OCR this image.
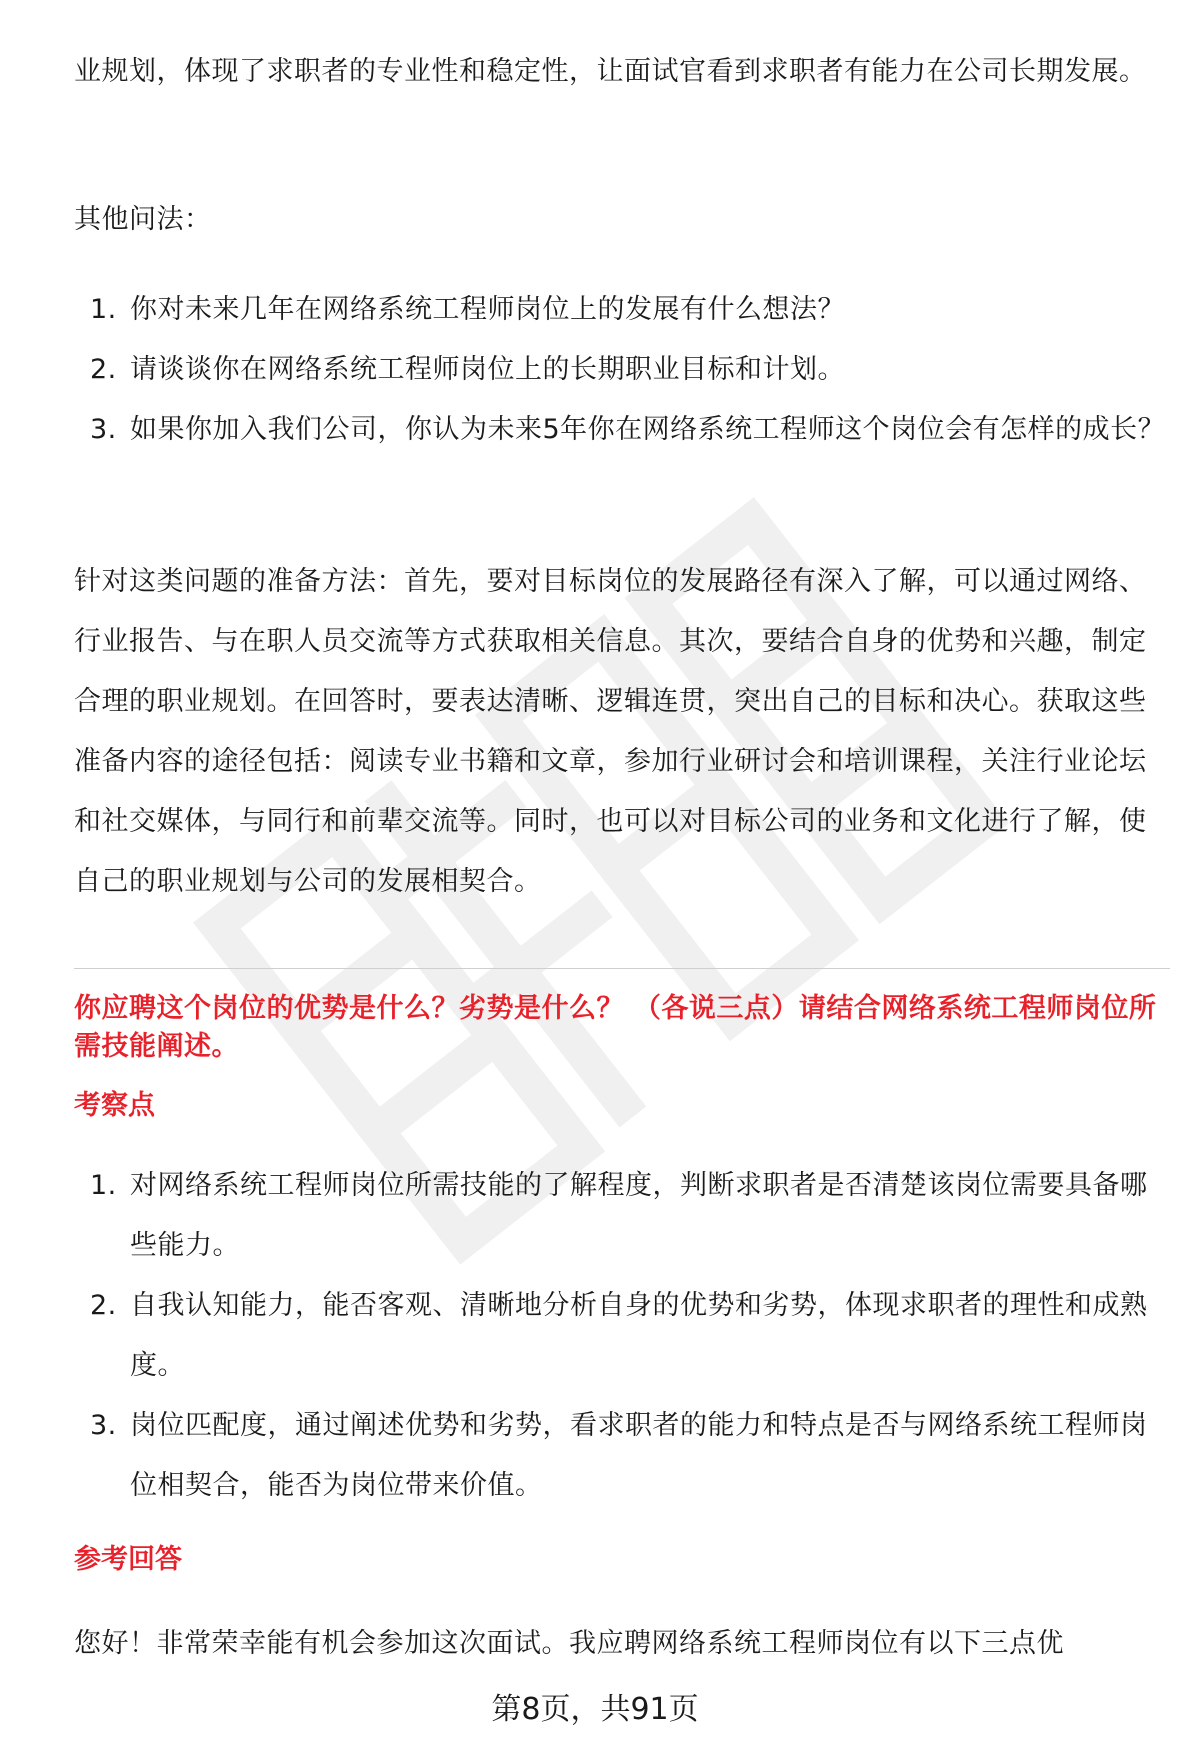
业规划，体现了求职者的专业性和稳定性，让面试官看到求职者有能力在公司长期发展。

其他问法：

1. 你对未来几年在网络系统工程师岗位上的发展有什么想法？
2. 请谈谈你在网络系统工程师岗位上的长期职业目标和计划。
3. 如果你加入我们公司，你认为未来5年你在网络系统工程师这个岗位会有怎样的成长？

针对这类问题的准备方法：首先，要对目标岗位的发展路径有深入了解，可以通过网络、行业报告、与在职人员交流等方式获取相关信息。其次，要结合自身的优势和兴趣，制定合理的职业规划。在回答时，要表达清晰、逻辑连贯，突出自己的目标和决心。获取这些准备内容的途径包括：阅读专业书籍和文章，参加行业研讨会和培训课程，关注行业论坛和社交媒体，与同行和前辈交流等。同时，也可以对目标公司的业务和文化进行了解，使自己的职业规划与公司的发展相契合。

你应聘这个岗位的优势是什么？劣势是什么？ （各说三点）请结合网络系统工程师岗位所需技能阐述。
考察点
1. 对网络系统工程师岗位所需技能的了解程度，判断求职者是否清楚该岗位需要具备哪些能力。
2. 自我认知能力，能否客观、清晰地分析自身的优势和劣势，体现求职者的理性和成熟度。
3. 岗位匹配度，通过阐述优势和劣势，看求职者的能力和特点是否与网络系统工程师岗位相契合，能否为岗位带来价值。
参考回答

您好！非常荣幸能有机会参加这次面试。我应聘网络系统工程师岗位有以下三点优

第8页，共91页
